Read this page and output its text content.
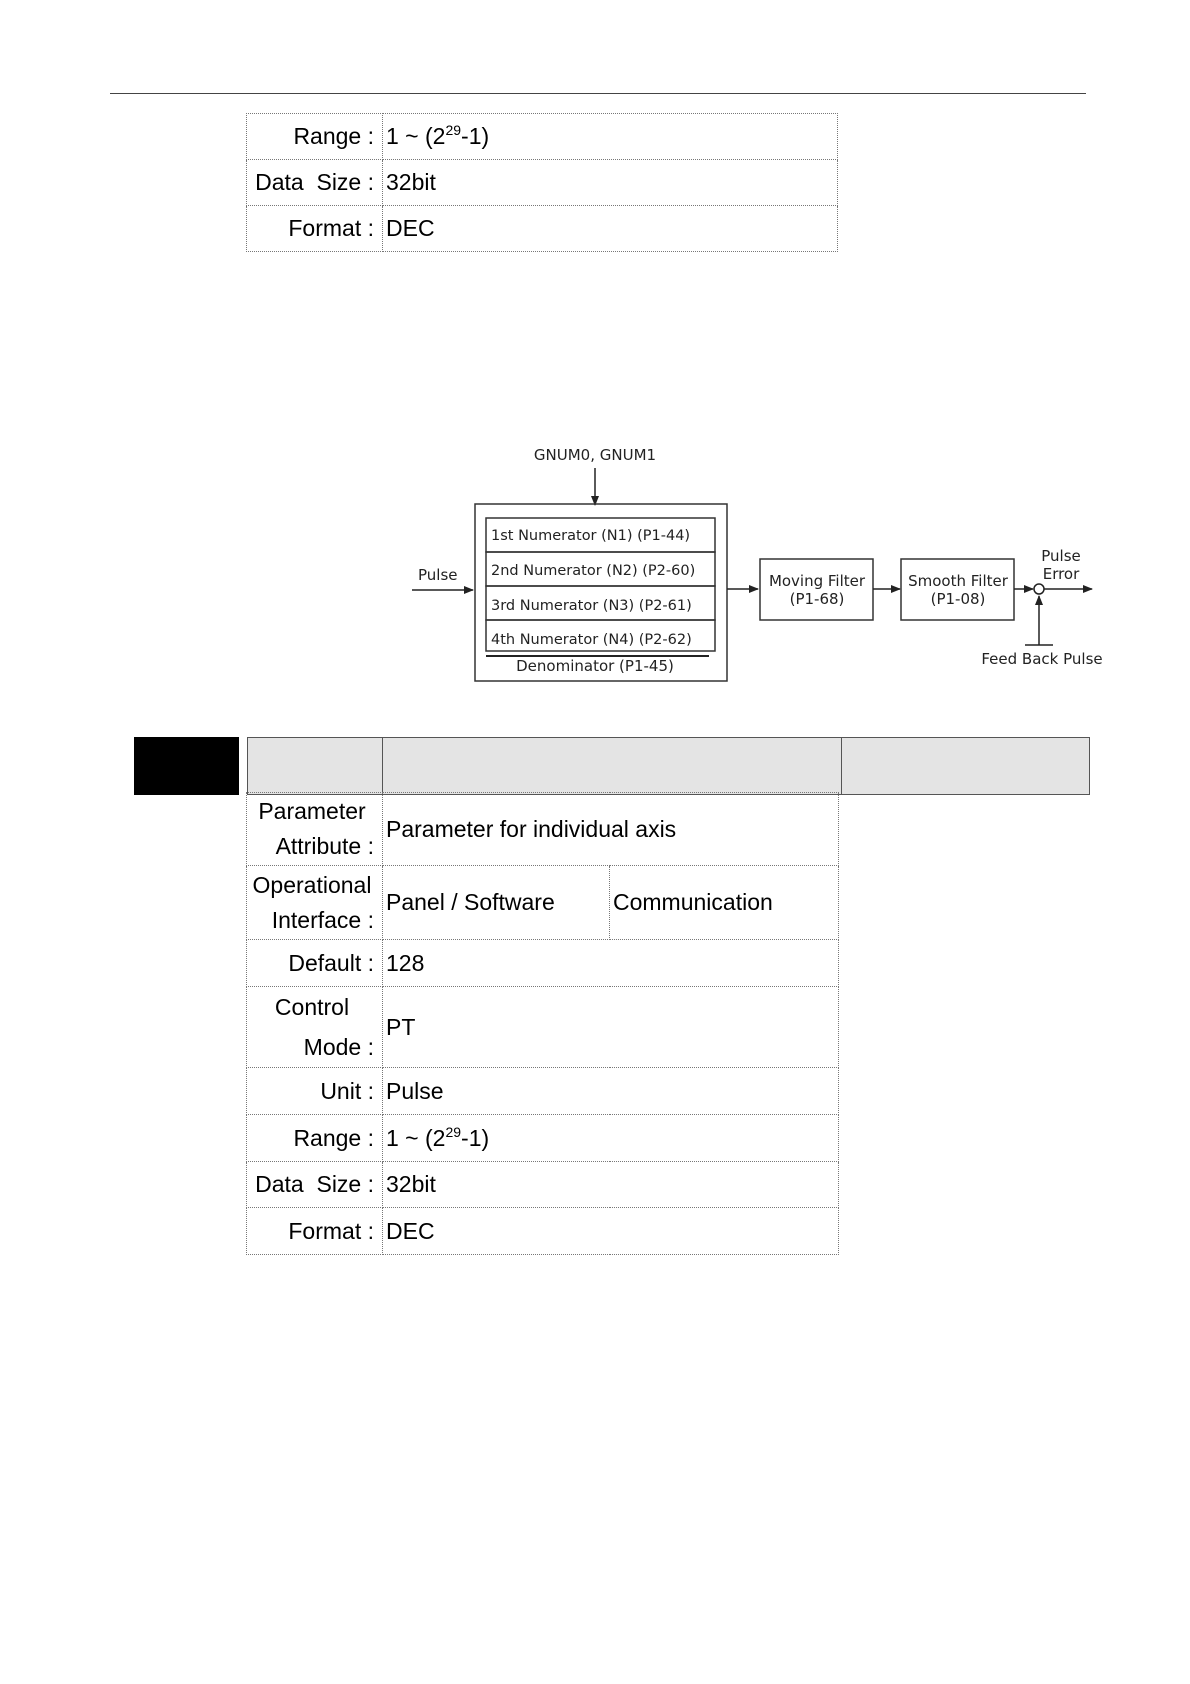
Range :	1 ~ $(2^{29}-1)$
Data  Size :	32bit
Format :	DEC
GNUM0, GNUM1
1st Numerator (N1) (P1-44)
2nd Numerator (N2) (P2-60)
3rd Numerator (N3) (P2-61)
4th Numerator (N4) (P2-62)
Denominator (P1-45)
Pulse	Moving Filter
(P1-68)
Smooth Filter
(P1-08)
Pulse
Error
Feed Back Pulse
Parameter
Attribute :	Parameter for individual axis	

Operational
Interface :	Panel / Software	Communication
Default :	128	

Control
Mode :	PT	
Unit :	Pulse	
Range :	1 ~ $(2^{29}-1)$	
Data  Size :	32bit	
Format :	DEC	
